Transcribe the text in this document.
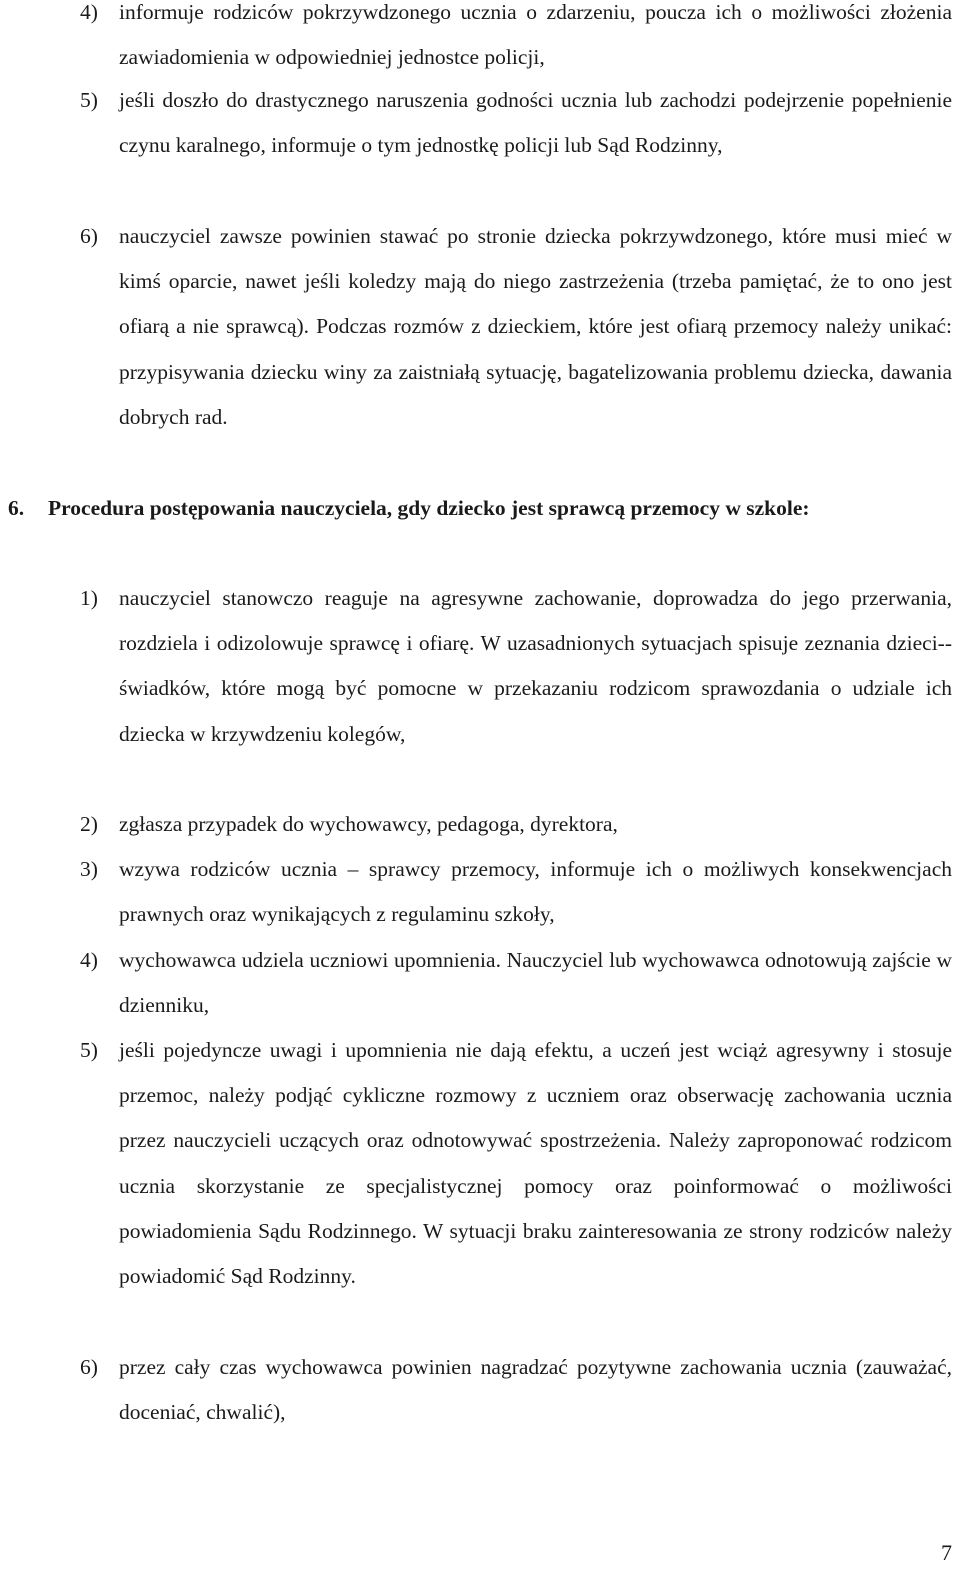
4) informuje rodziców pokrzywdzonego ucznia o zdarzeniu, poucza ich o możliwości złożenia zawiadomienia w odpowiedniej jednostce policji,
5) jeśli doszło do drastycznego naruszenia godności ucznia lub zachodzi podejrzenie popełnienie czynu karalnego, informuje o tym jednostkę policji lub Sąd Rodzinny,
6) nauczyciel zawsze powinien stawać po stronie dziecka pokrzywdzonego, które musi mieć w kimś oparcie, nawet jeśli koledzy mają do niego zastrzeżenia (trzeba pamiętać, że to ono jest ofiarą a nie sprawcą). Podczas rozmów z dzieckiem, które jest ofiarą przemocy należy unikać: przypisywania dziecku winy za zaistniałą sytuację, bagatelizowania problemu dziecka, dawania dobrych rad.
6.	Procedura postępowania nauczyciela, gdy dziecko jest sprawcą przemocy w szkole:
1) nauczyciel stanowczo reaguje na agresywne zachowanie, doprowadza do jego przerwania, rozdziela i odizolowuje sprawcę i ofiarę. W uzasadnionych sytuacjach spisuje zeznania dzieci--świadków, które mogą być pomocne w przekazaniu rodzicom sprawozdania o udziale ich dziecka w krzywdzeniu kolegów,
2) zgłasza przypadek do wychowawcy, pedagoga, dyrektora,
3) wzywa rodziców ucznia – sprawcy przemocy, informuje ich o możliwych konsekwencjach prawnych oraz wynikających z regulaminu szkoły,
4) wychowawca udziela uczniowi upomnienia. Nauczyciel lub wychowawca odnotowują zajście w dzienniku,
5) jeśli pojedyncze uwagi i upomnienia nie dają efektu, a uczeń jest wciąż agresywny i stosuje przemoc, należy podjąć cykliczne rozmowy z uczniem oraz obserwację zachowania ucznia przez nauczycieli uczących oraz odnotowywać spostrzeżenia. Należy zaproponować rodzicom ucznia skorzystanie ze specjalistycznej pomocy oraz poinformować o możliwości powiadomienia Sądu Rodzinnego. W sytuacji braku zainteresowania ze strony rodziców należy powiadomić Sąd Rodzinny.
6) przez cały czas wychowawca powinien nagradzać pozytywne zachowania ucznia (zauważać, doceniać, chwalić),
7
